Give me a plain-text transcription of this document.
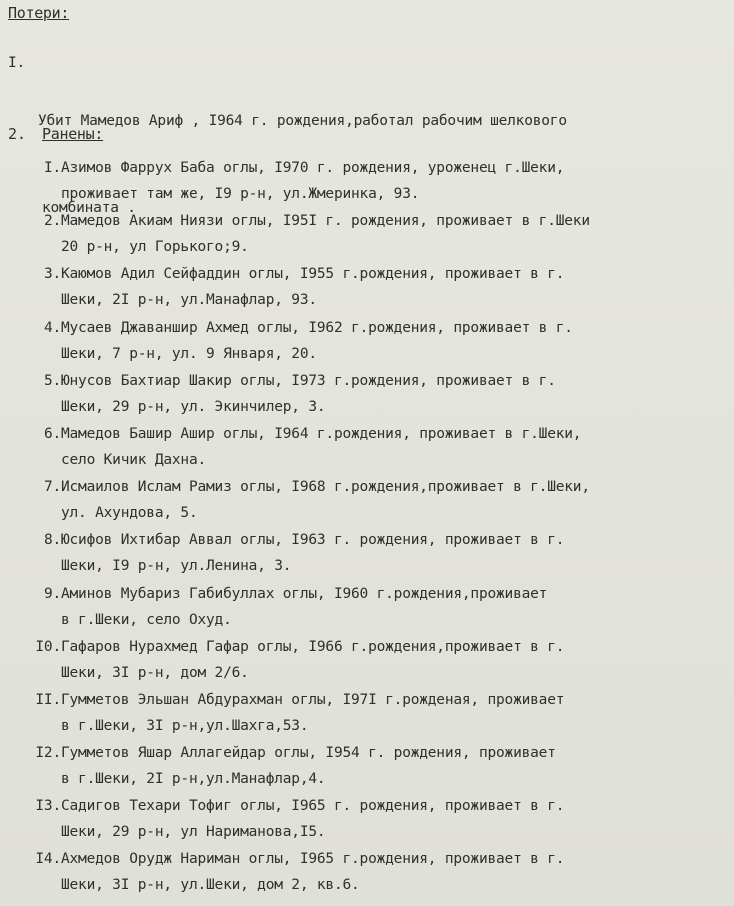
Потери:
I.

Убит Мамедов Ариф , I964 г. рождения,работал рабочим шелкового

комбината .

2. Ранены:
I. Азимов Фаррух Баба оглы, I970 г. рождения, уроженец г.Шеки,
проживает там же, I9 р-н, ул.Жмеринка, 93.
2. Мамедов Акиам Ниязи оглы, I95I г. рождения, проживает в г.Шеки
20 р-н, ул Горького;9.
3. Каюмов Адил Сейфаддин оглы, I955 г.рождения, проживает в г.
Шеки, 2I р-н, ул.Манафлар, 93.
4. Мусаев Джаваншир Ахмед оглы, I962 г.рождения, проживает в г.
Шеки, 7 р-н, ул. 9 Января, 20.
5. Юнусов Бахтиар Шакир оглы, I973 г.рождения, проживает в г.
Шеки, 29 р-н, ул. Экинчилер, 3.
6. Мамедов Башир Ашир оглы, I964 г.рождения, проживает в г.Шеки,
село Кичик Дахна.
7. Исмаилов Ислам Рамиз оглы, I968 г.рождения,проживает в г.Шеки,
ул. Ахундова, 5.
8. Юсифов Ихтибар Аввал оглы, I963 г. рождения, проживает в г.
Шеки, I9 р-н, ул.Ленина, 3.
9. Аминов Мубариз Габибуллах оглы, I960 г.рождения,проживает
в г.Шеки, село Охуд.
I0. Гафаров Нурахмед Гафар оглы, I966 г.рождения,проживает в г.
Шеки, 3I р-н, дом 2/6.
II. Гумметов Эльшан Абдурахман оглы, I97I г.рожденая, проживает
в г.Шеки, 3I р-н,ул.Шахга,53.
I2. Гумметов Яшар Аллагейдар оглы, I954 г. рождения, проживает
в г.Шеки, 2I р-н,ул.Манафлар,4.
I3. Садигов Техари Тофиг оглы, I965 г. рождения, проживает в г.
Шеки, 29 р-н, ул Нариманова,I5.
I4. Ахмедов Орудж Нариман оглы, I965 г.рождения, проживает в г.
Шеки, 3I р-н, ул.Шеки, дом 2, кв.6.
